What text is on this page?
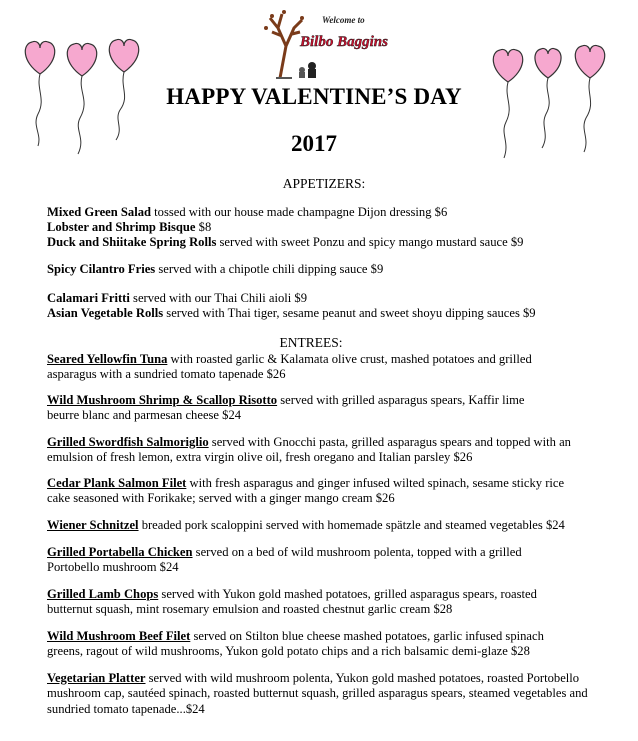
Welcome to
Bilbo Baggins
HAPPY VALENTINE’S DAY
2017
APPETIZERS:
Mixed Green Salad tossed with our house made champagne Dijon dressing $6
Lobster and Shrimp Bisque $8
Duck and Shiitake Spring Rolls served with sweet Ponzu and spicy mango mustard sauce $9
Spicy Cilantro Fries served with a chipotle chili dipping sauce $9
Calamari Fritti served with our Thai Chili aioli $9
Asian Vegetable Rolls served with Thai tiger, sesame peanut and sweet shoyu dipping sauces $9
ENTREES:
Seared Yellowfin Tuna with roasted garlic & Kalamata olive crust, mashed potatoes and grilled asparagus with a sundried tomato tapenade $26
Wild Mushroom Shrimp & Scallop Risotto served with grilled asparagus spears, Kaffir lime beurre blanc and parmesan cheese $24
Grilled Swordfish Salmoriglio served with Gnocchi pasta, grilled asparagus spears and topped with an emulsion of fresh lemon, extra virgin olive oil, fresh oregano and Italian parsley $26
Cedar Plank Salmon Filet with fresh asparagus and ginger infused wilted spinach, sesame sticky rice cake seasoned with Forikake; served with a ginger mango cream $26
Wiener Schnitzel breaded pork scaloppini served with homemade spätzle and steamed vegetables $24
Grilled Portabella Chicken served on a bed of wild mushroom polenta, topped with a grilled Portobello mushroom $24
Grilled Lamb Chops served with Yukon gold mashed potatoes, grilled asparagus spears, roasted butternut squash, mint rosemary emulsion and roasted chestnut garlic cream $28
Wild Mushroom Beef Filet served on Stilton blue cheese mashed potatoes, garlic infused spinach greens, ragout of wild mushrooms, Yukon gold potato chips and a rich balsamic demi-glaze $28
Vegetarian Platter served with wild mushroom polenta, Yukon gold mashed potatoes, roasted Portobello mushroom cap, sautéed spinach, roasted butternut squash, grilled asparagus spears, steamed vegetables and sundried tomato tapenade...$24
